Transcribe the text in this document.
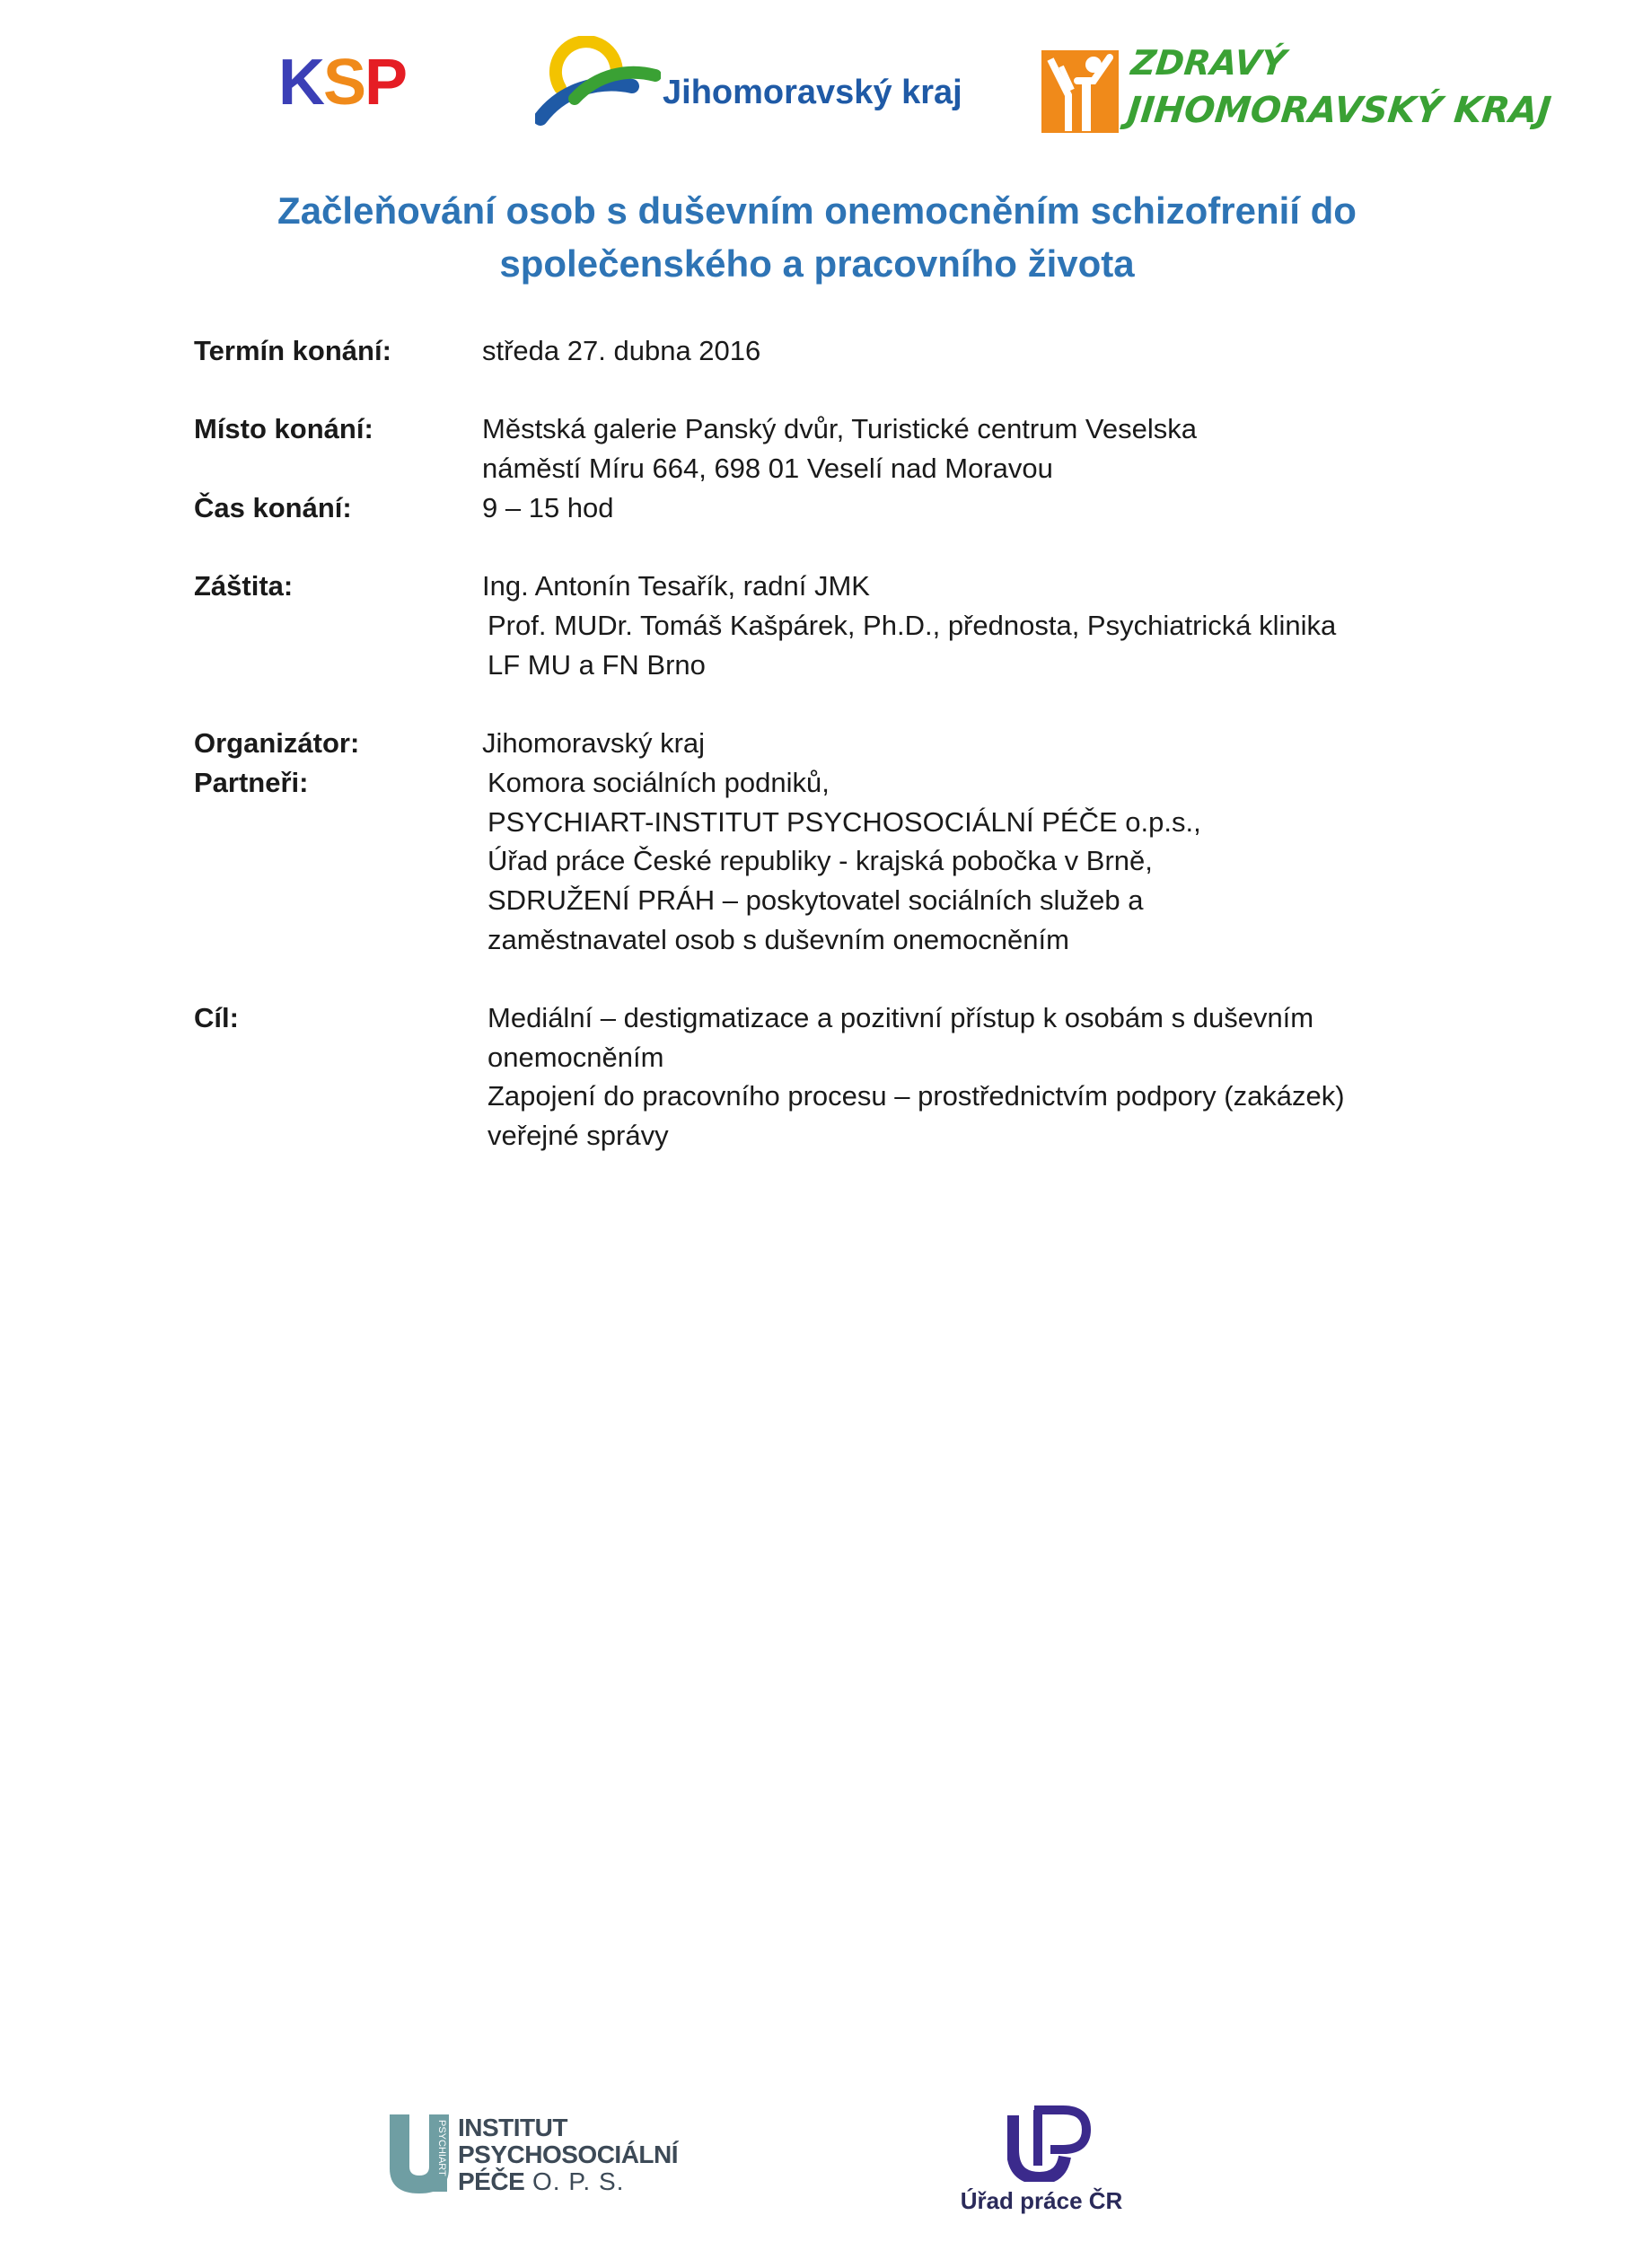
K S P	Jihomoravský kraj
ZDRAVÝ
JIHOMORAVSKÝ KRAJ
Začleňování osob s duševním onemocněním schizofrenií do
společenského a pracovního života
Termín konání:	středa 27. dubna 2016
Místo konání:	Městská galerie Panský dvůr, Turistické centrum Veselska
náměstí Míru 664, 698 01 Veselí nad Moravou
Čas konání:	9 – 15 hod
Záštita:	Ing. Antonín Tesařík, radní JMK
Prof. MUDr. Tomáš Kašpárek, Ph.D., přednosta, Psychiatrická klinika
LF MU a FN Brno
Organizátor:	Jihomoravský kraj
Partneři:	Komora sociálních podniků,
PSYCHIART-INSTITUT PSYCHOSOCIÁLNÍ PÉČE o.p.s.,
Úřad práce České republiky - krajská pobočka v Brně,
SDRUŽENÍ PRÁH – poskytovatel sociálních služeb a
zaměstnavatel osob s duševním onemocněním
Cíl:	Mediální – destigmatizace a pozitivní přístup k osobám s duševním
onemocněním
Zapojení do pracovního procesu – prostřednictvím podpory (zakázek)
veřejné správy
PSYCHIART INSTITUT
PSYCHOSOCIÁLNÍ
PÉČE O. P. S.
Úřad práce ČR
